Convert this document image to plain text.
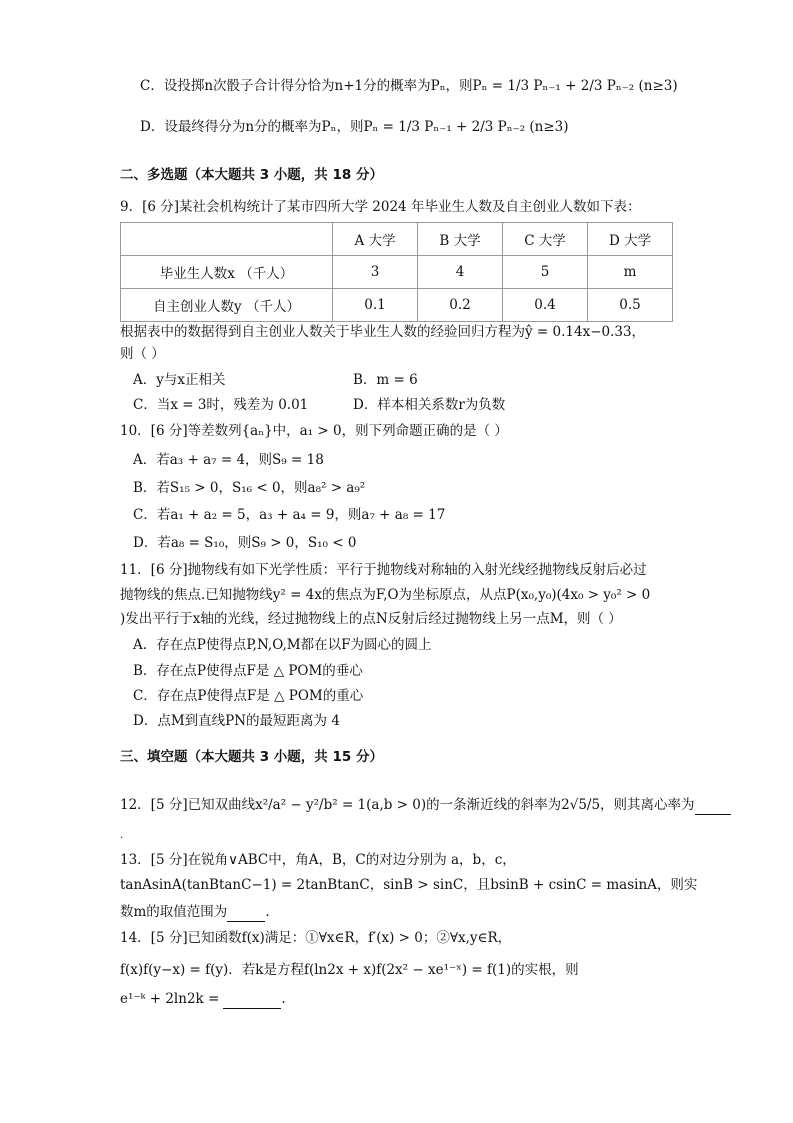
C．设投掷n次骰子合计得分恰为n+1分的概率为Pₙ，则Pₙ = 1/3 Pₙ₋₁ + 2/3 Pₙ₋₂ (n≥3)
D．设最终得分为n分的概率为Pₙ，则Pₙ = 1/3 Pₙ₋₁ + 2/3 Pₙ₋₂ (n≥3)
二、多选题（本大题共 3 小题，共 18 分）
9．[6 分]某社会机构统计了某市四所大学 2024 年毕业生人数及自主创业人数如下表：
	A 大学	B 大学	C 大学	D 大学
毕业生人数x （千人）	3	4	5	m
自主创业人数y （千人）	0.1	0.2	0.4	0.5
根据表中的数据得到自主创业人数关于毕业生人数的经验回归方程为ŷ = 0.14x−0.33，
则（ ）
A．y与x正相关	B．m = 6
C．当x = 3时，残差为 0.01	D．样本相关系数r为负数
10．[6 分]等差数列{aₙ}中，a₁ > 0，则下列命题正确的是（ ）
A．若a₃ + a₇ = 4，则S₉ = 18
B．若S₁₅ > 0，S₁₆ < 0，则a₈² > a₉²
C．若a₁ + a₂ = 5，a₃ + a₄ = 9，则a₇ + a₈ = 17
D．若a₈ = S₁₀，则S₉ > 0，S₁₀ < 0
11．[6 分]抛物线有如下光学性质：平行于抛物线对称轴的入射光线经抛物线反射后必过
抛物线的焦点.已知抛物线y² = 4x的焦点为F,O为坐标原点，从点P(x₀,y₀)(4x₀ > y₀² > 0
)发出平行于x轴的光线，经过抛物线上的点N反射后经过抛物线上另一点M，则（ ）
A．存在点P使得点P,N,O,M都在以F为圆心的圆上
B．存在点P使得点F是 △ POM的垂心
C．存在点P使得点F是 △ POM的重心
D．点M到直线PN的最短距离为 4
三、填空题（本大题共 3 小题，共 15 分）
12．[5 分]已知双曲线x²/a² − y²/b² = 1(a,b > 0)的一条渐近线的斜率为2√5/5，则其离心率为
.
13．[5 分]在锐角∨ABC中，角A，B，C的对边分别为 a，b，c，
tanAsinA(tanBtanC−1) = 2tanBtanC，sinB > sinC，且bsinB + csinC = masinA，则实
数m的取值范围为	.
14．[5 分]已知函数f(x)满足：①∀x∈R，f′(x) > 0；②∀x,y∈R，
f(x)f(y−x) = f(y)．若k是方程f(ln2x + x)f(2x² − xe¹⁻ˣ) = f(1)的实根，则
e¹⁻ᵏ + 2ln2k =	.
